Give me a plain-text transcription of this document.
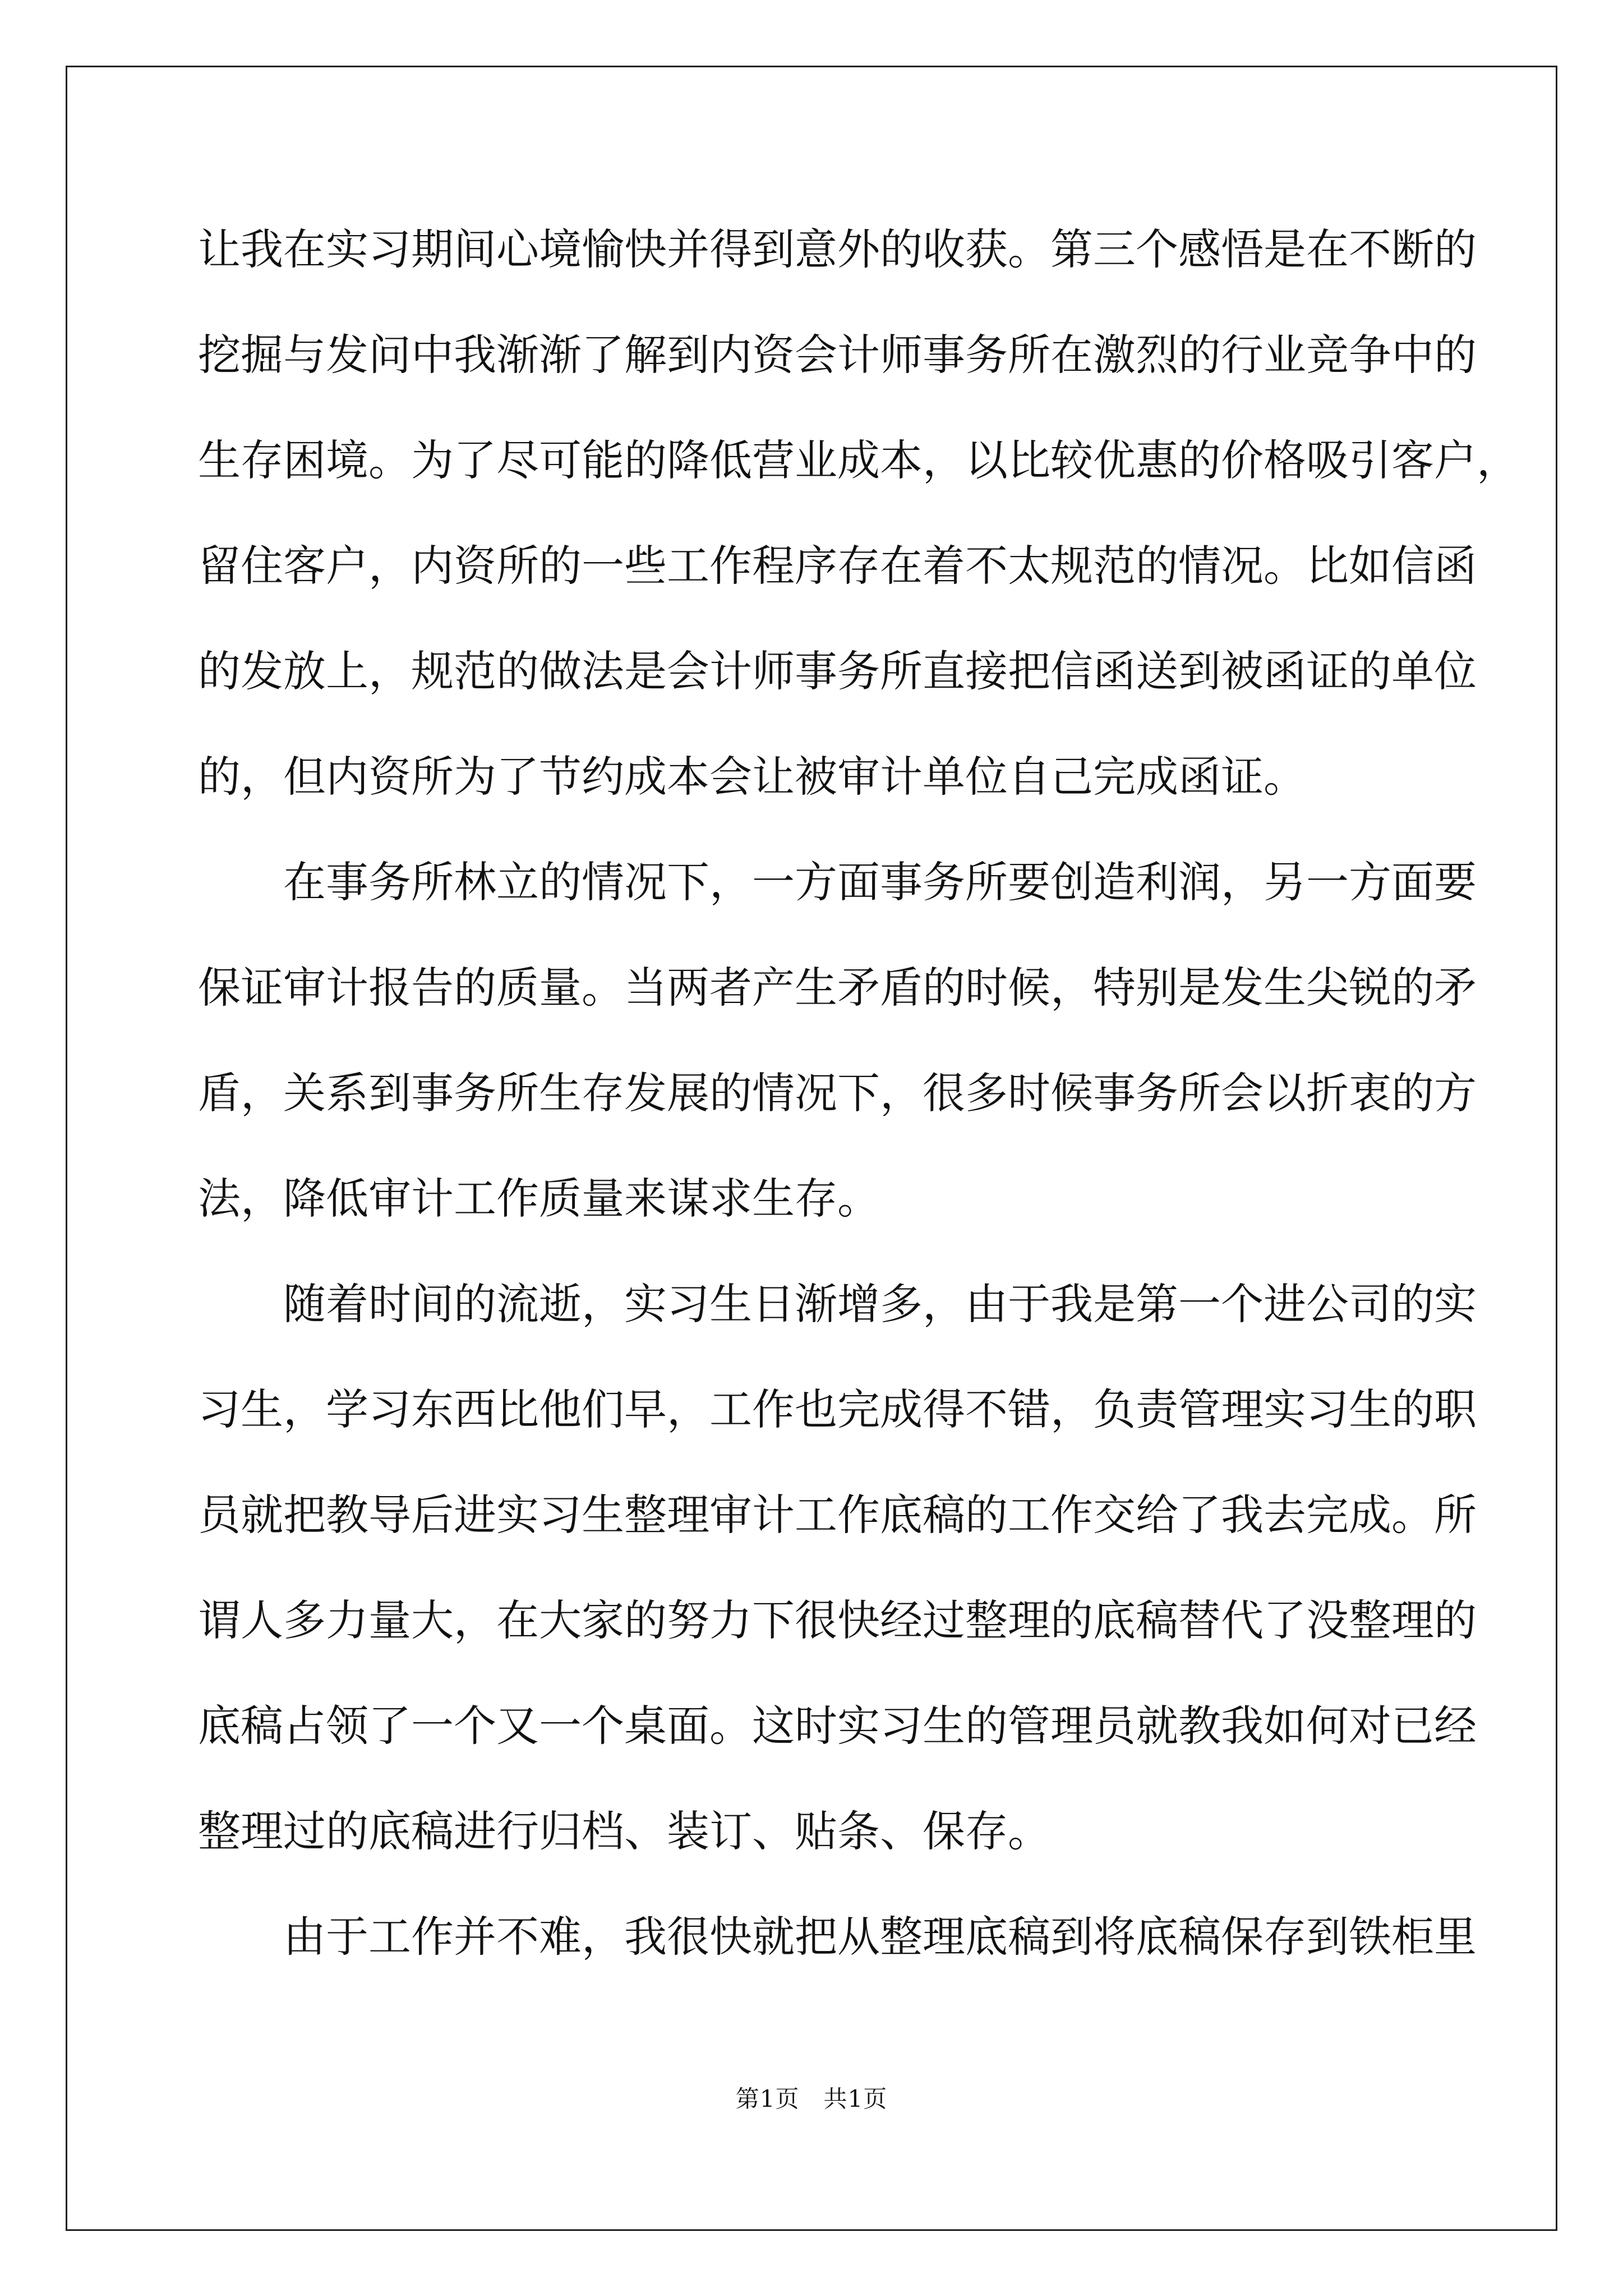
让我在实习期间心境愉快并得到意外的收获。第三个感悟是在不断的
挖掘与发问中我渐渐了解到内资会计师事务所在激烈的行业竞争中的
生存困境。为了尽可能的降低营业成本，以比较优惠的价格吸引客户，
留住客户，内资所的一些工作程序存在着不太规范的情况。比如信函
的发放上，规范的做法是会计师事务所直接把信函送到被函证的单位
的，但内资所为了节约成本会让被审计单位自己完成函证。
　　在事务所林立的情况下，一方面事务所要创造利润，另一方面要
保证审计报告的质量。当两者产生矛盾的时候，特别是发生尖锐的矛
盾，关系到事务所生存发展的情况下，很多时候事务所会以折衷的方
法，降低审计工作质量来谋求生存。
　　随着时间的流逝，实习生日渐增多，由于我是第一个进公司的实
习生，学习东西比他们早，工作也完成得不错，负责管理实习生的职
员就把教导后进实习生整理审计工作底稿的工作交给了我去完成。所
谓人多力量大，在大家的努力下很快经过整理的底稿替代了没整理的
底稿占领了一个又一个桌面。这时实习生的管理员就教我如何对已经
整理过的底稿进行归档、装订、贴条、保存。
　　由于工作并不难，我很快就把从整理底稿到将底稿保存到铁柜里
第1页　共1页
